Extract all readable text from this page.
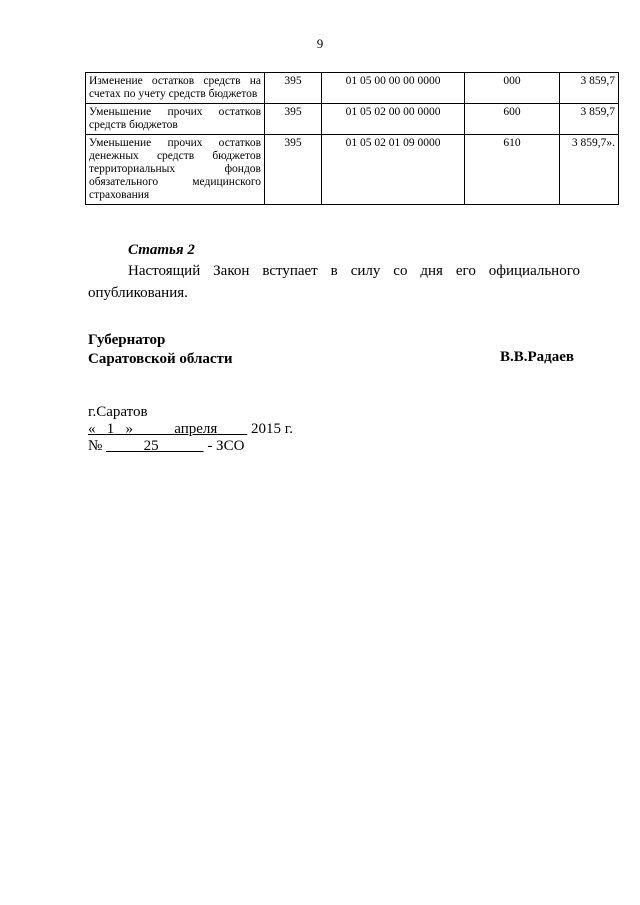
9
Изменение остатков средств на счетах по учету средств бюджетов	395	01 05 00 00 00 0000	000	3 859,7
Уменьшение прочих остатков средств бюджетов	395	01 05 02 00 00 0000	600	3 859,7
Уменьшение прочих остатков денежных средств бюджетов территориальных фондов обязательного медицинского страхования	395	01 05 02 01 09 0000	610	3 859,7».
Статья 2
Настоящий Закон вступает в силу со дня его официального опубликования.
Губернатор
Саратовской области	В.В.Радаев
г.Саратов
«   1   »	апреля 2015 г.
№	25	- ЗСО
